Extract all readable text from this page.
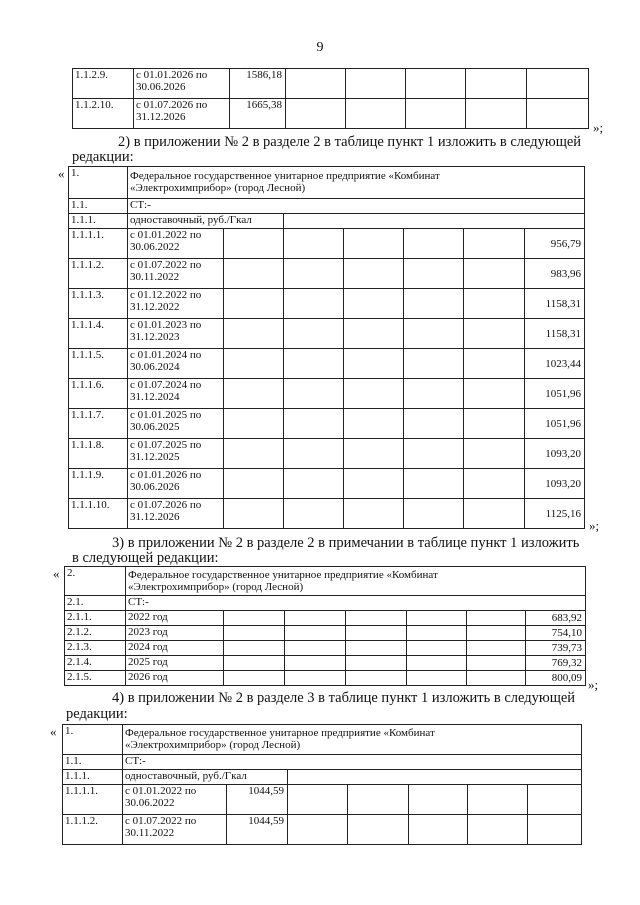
9
1.1.2.9.	с 01.01.2026 по
30.06.2026	1586,18					
1.1.2.10.	с 01.07.2026 по
31.12.2026	1665,38					
»;
2) в приложении № 2 в разделе 2 в таблице пункт 1 изложить в следующей
редакции:
« 1.	Федеральное государственное унитарное предприятие «Комбинат
«Электрохимприбор» (город Лесной)						
1.1.	СТ:-						
1.1.1.	одноставочный, руб./Гкал						
1.1.1.1.	с 01.01.2022 по
30.06.2022						956,79
1.1.1.2.	с 01.07.2022 по
30.11.2022						983,96
1.1.1.3.	с 01.12.2022 по
31.12.2022						1158,31
1.1.1.4.	с 01.01.2023 по
31.12.2023						1158,31
1.1.1.5.	с 01.01.2024 по
30.06.2024						1023,44
1.1.1.6.	с 01.07.2024 по
31.12.2024						1051,96
1.1.1.7.	с 01.01.2025 по
30.06.2025						1051,96
1.1.1.8.	с 01.07.2025 по
31.12.2025						1093,20
1.1.1.9.	с 01.01.2026 по
30.06.2026						1093,20
1.1.1.10.	с 01.07.2026 по
31.12.2026						1125,16
»;
3) в приложении № 2 в разделе 2 в примечании в таблице пункт 1 изложить
в следующей редакции:
« 2.	Федеральное государственное унитарное предприятие «Комбинат
«Электрохимприбор» (город Лесной)						
2.1.	СТ:-						
2.1.1.	2022 год						683,92
2.1.2.	2023 год						754,10
2.1.3.	2024 год						739,73
2.1.4.	2025 год						769,32
2.1.5.	2026 год						800,09 »;
4) в приложении № 2 в разделе 3 в таблице пункт 1 изложить в следующей
редакции:
« 1.	Федеральное государственное унитарное предприятие «Комбинат
«Электрохимприбор» (город Лесной)						
1.1.	СТ:-						
1.1.1.	одноставочный, руб./Гкал						
1.1.1.1.	с 01.01.2022 по
30.06.2022	1044,59					
1.1.1.2.	с 01.07.2022 по
30.11.2022	1044,59					
